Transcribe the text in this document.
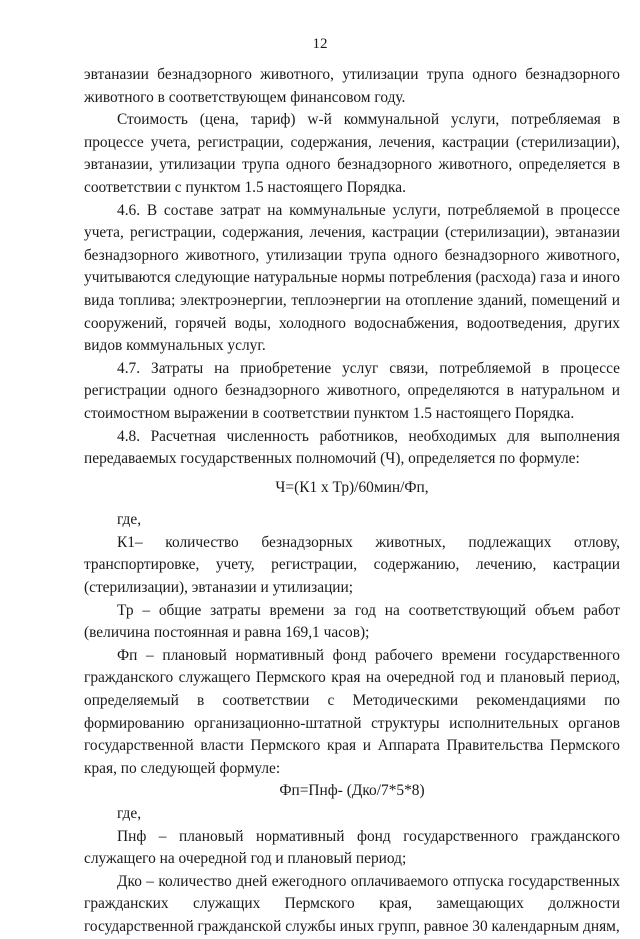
12

эвтаназии безнадзорного животного, утилизации трупа одного безнадзорного животного в соответствующем финансовом году.

Стоимость (цена, тариф) w-й коммунальной услуги, потребляемая в процессе учета, регистрации, содержания, лечения, кастрации (стерилизации), эвтаназии, утилизации трупа одного безнадзорного животного, определяется в соответствии с пунктом 1.5 настоящего Порядка.

4.6. В составе затрат на коммунальные услуги, потребляемой в процессе учета, регистрации, содержания, лечения, кастрации (стерилизации), эвтаназии безнадзорного животного, утилизации трупа одного безнадзорного животного, учитываются следующие натуральные нормы потребления (расхода) газа и иного вида топлива; электроэнергии, теплоэнергии на отопление зданий, помещений и сооружений, горячей воды, холодного водоснабжения, водоотведения, других видов коммунальных услуг.

4.7. Затраты на приобретение услуг связи, потребляемой в процессе регистрации одного безнадзорного животного, определяются в натуральном и стоимостном выражении в соответствии пунктом 1.5 настоящего Порядка.

4.8. Расчетная численность работников, необходимых для выполнения передаваемых государственных полномочий (Ч), определяется по формуле:

Ч=(К1 х Тр)/60мин/Фп,

где,

К1– количество безнадзорных животных, подлежащих отлову, транспортировке, учету, регистрации, содержанию, лечению, кастрации (стерилизации), эвтаназии и утилизации;

Тр – общие затраты времени за год на соответствующий объем работ (величина постоянная и равна 169,1 часов);

Фп – плановый нормативный фонд рабочего времени государственного гражданского служащего Пермского края на очередной год и плановый период, определяемый в соответствии с Методическими рекомендациями по формированию организационно-штатной структуры исполнительных органов государственной власти Пермского края и Аппарата Правительства Пермского края, по следующей формуле:

Фп=Пнф- (Дко/7*5*8)

где,

Пнф – плановый нормативный фонд государственного гражданского служащего на очередной год и плановый период;

Дко – количество дней ежегодного оплачиваемого отпуска государственных гражданских служащих Пермского края, замещающих должности государственной гражданской службы иных групп, равное 30 календарным дням,
